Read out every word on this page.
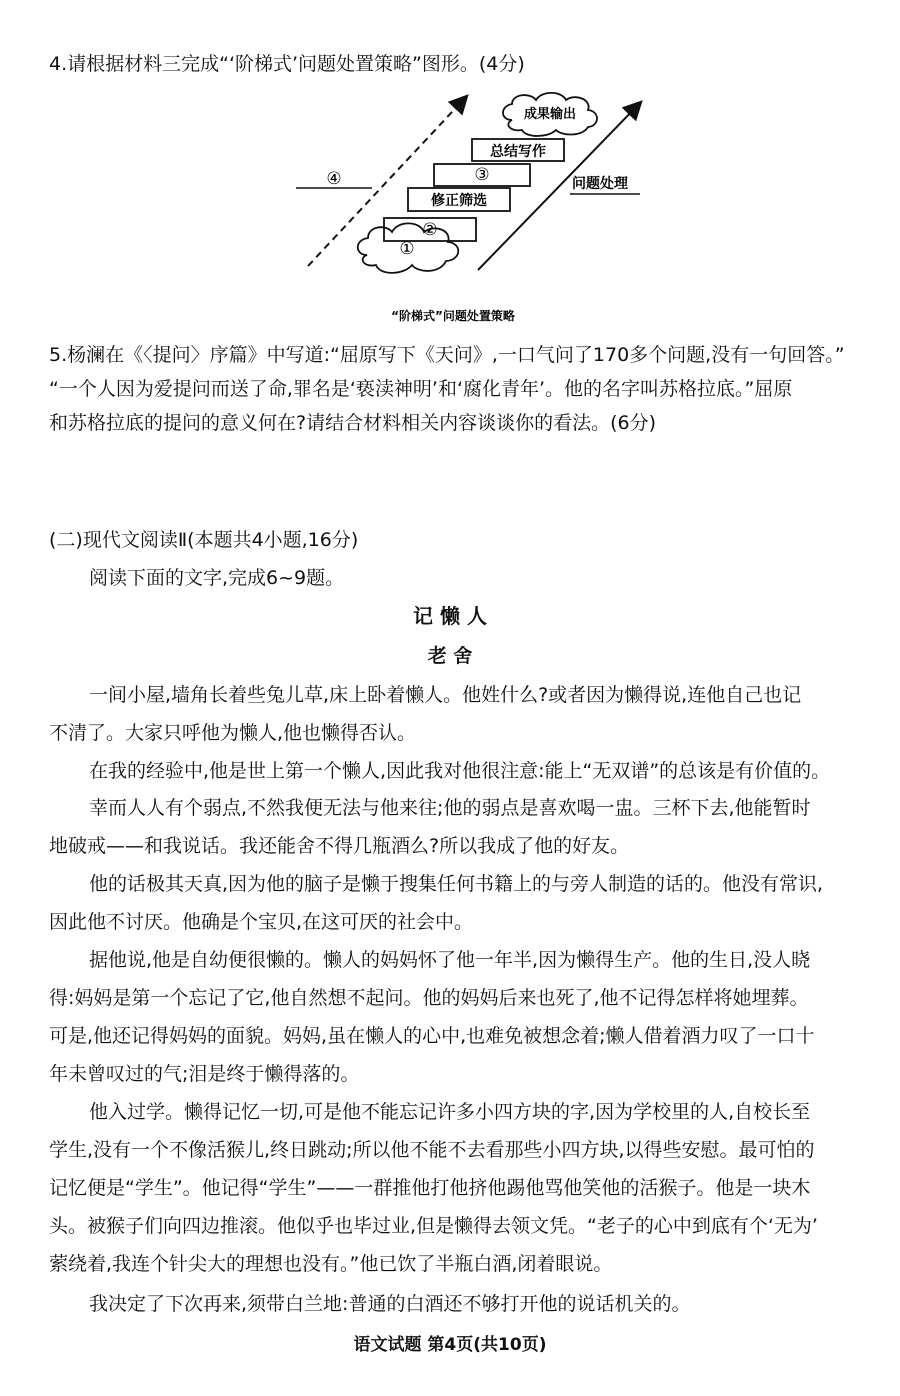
4.请根据材料三完成“‘阶梯式’问题处置策略”图形。(4分)
④
①
②
修正筛选
③
总结写作
成果输出
问题处理
“阶梯式”问题处置策略
5.杨澜在《〈提问〉序篇》中写道:“屈原写下《天问》,一口气问了170多个问题,没有一句回答。”
“一个人因为爱提问而送了命,罪名是‘亵渎神明’和‘腐化青年’。他的名字叫苏格拉底。”屈原
和苏格拉底的提问的意义何在?请结合材料相关内容谈谈你的看法。(6分)
(二)现代文阅读Ⅱ(本题共4小题,16分)
阅读下面的文字,完成6~9题。
记 懒 人
老 舍
一间小屋,墙角长着些兔儿草,床上卧着懒人。他姓什么?或者因为懒得说,连他自己也记
不清了。大家只呼他为懒人,他也懒得否认。
在我的经验中,他是世上第一个懒人,因此我对他很注意:能上“无双谱”的总该是有价值的。
幸而人人有个弱点,不然我便无法与他来往;他的弱点是喜欢喝一盅。三杯下去,他能暂时
地破戒——和我说话。我还能舍不得几瓶酒么?所以我成了他的好友。
他的话极其天真,因为他的脑子是懒于搜集任何书籍上的与旁人制造的话的。他没有常识,
因此他不讨厌。他确是个宝贝,在这可厌的社会中。
据他说,他是自幼便很懒的。懒人的妈妈怀了他一年半,因为懒得生产。他的生日,没人晓
得:妈妈是第一个忘记了它,他自然想不起问。他的妈妈后来也死了,他不记得怎样将她埋葬。
可是,他还记得妈妈的面貌。妈妈,虽在懒人的心中,也难免被想念着;懒人借着酒力叹了一口十
年未曾叹过的气;泪是终于懒得落的。
他入过学。懒得记忆一切,可是他不能忘记许多小四方块的字,因为学校里的人,自校长至
学生,没有一个不像活猴儿,终日跳动;所以他不能不去看那些小四方块,以得些安慰。最可怕的
记忆便是“学生”。他记得“学生”——一群推他打他挤他踢他骂他笑他的活猴子。他是一块木
头。被猴子们向四边推滚。他似乎也毕过业,但是懒得去领文凭。“老子的心中到底有个‘无为’
萦绕着,我连个针尖大的理想也没有。”他已饮了半瓶白酒,闭着眼说。
我决定了下次再来,须带白兰地:普通的白酒还不够打开他的说话机关的。
语文试题 第4页(共10页)
